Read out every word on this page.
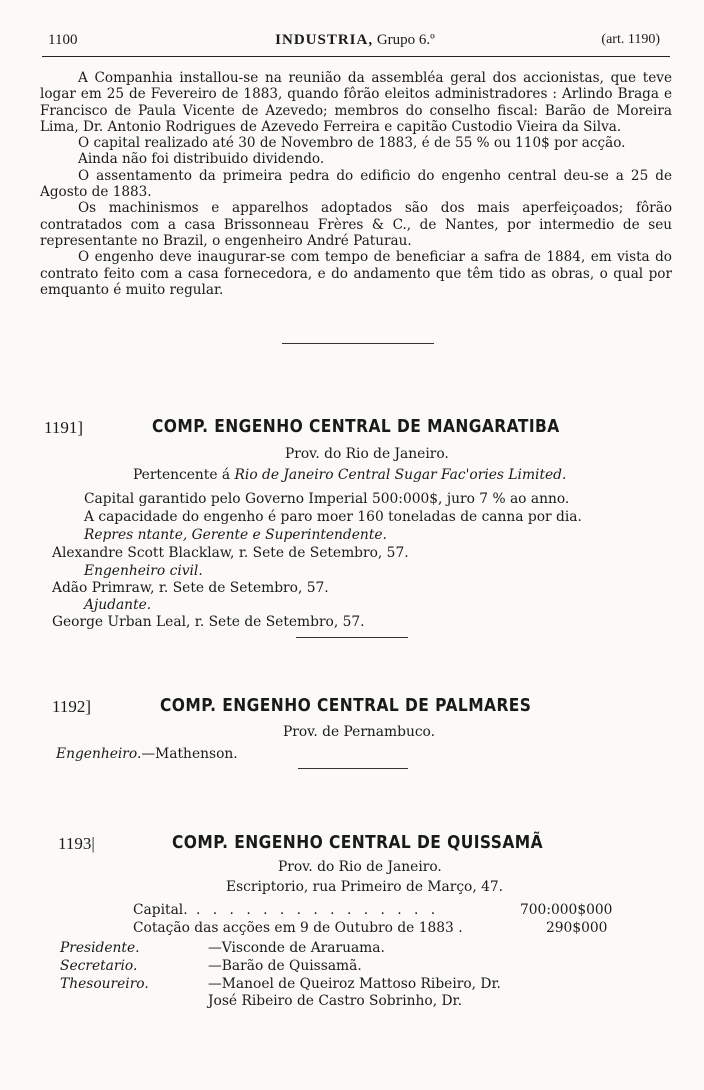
1100	INDUSTRIA, Grupo 6.º	(art. 1190)

A Companhia installou-se na reunião da assembléa geral dos accionistas, que teve logar em 25 de Fevereiro de 1883, quando fôrão eleitos administradores : Arlindo Braga e Francisco de Paula Vicente de Azevedo; membros do conselho fiscal: Barão de Moreira Lima, Dr. Antonio Rodrigues de Azevedo Ferreira e capitão Custodio Vieira da Silva.

O capital realizado até 30 de Novembro de 1883, é de 55 % ou 110$ por acção.

Ainda não foi distribuido dividendo.

O assentamento da primeira pedra do edificio do engenho central deu-se a 25 de Agosto de 1883.

Os machinismos e apparelhos adoptados são dos mais aperfeiçoados; fôrão contratados com a casa Brissonneau Frères & C., de Nantes, por intermedio de seu representante no Brazil, o engenheiro André Paturau.

O engenho deve inaugurar-se com tempo de beneficiar a safra de 1884, em vista do contrato feito com a casa fornecedora, e do andamento que têm tido as obras, o qual por emquanto é muito regular.

1191]	COMP. ENGENHO CENTRAL DE MANGARATIBA
Prov. do Rio de Janeiro.
Pertencente á Rio de Janeiro Central Sugar Fac'ories Limited.
Capital garantido pelo Governo Imperial 500:000$, juro 7 % ao anno.
A capacidade do engenho é paro moer 160 toneladas de canna por dia.
Repres ntante, Gerente e Superintendente.
Alexandre Scott Blacklaw, r. Sete de Setembro, 57.
Engenheiro civil.
Adão Primraw, r. Sete de Setembro, 57.
Ajudante.
George Urban Leal, r. Sete de Setembro, 57.
1192]	COMP. ENGENHO CENTRAL DE PALMARES
Prov. de Pernambuco.
Engenheiro.—Mathenson.
1193|	COMP. ENGENHO CENTRAL DE QUISSAMÃ
Prov. do Rio de Janeiro.
Escriptorio, rua Primeiro de Março, 47.
Capital. . . . . . . . . . . . . . . .	700:000$000
Cotação das acções em 9 de Outubro de 1883 .	290$000
Presidente.	—Visconde de Araruama.
Secretario.	—Barão de Quissamã.
Thesoureiro.	—Manoel de Queiroz Mattoso Ribeiro, Dr.
José Ribeiro de Castro Sobrinho, Dr.
